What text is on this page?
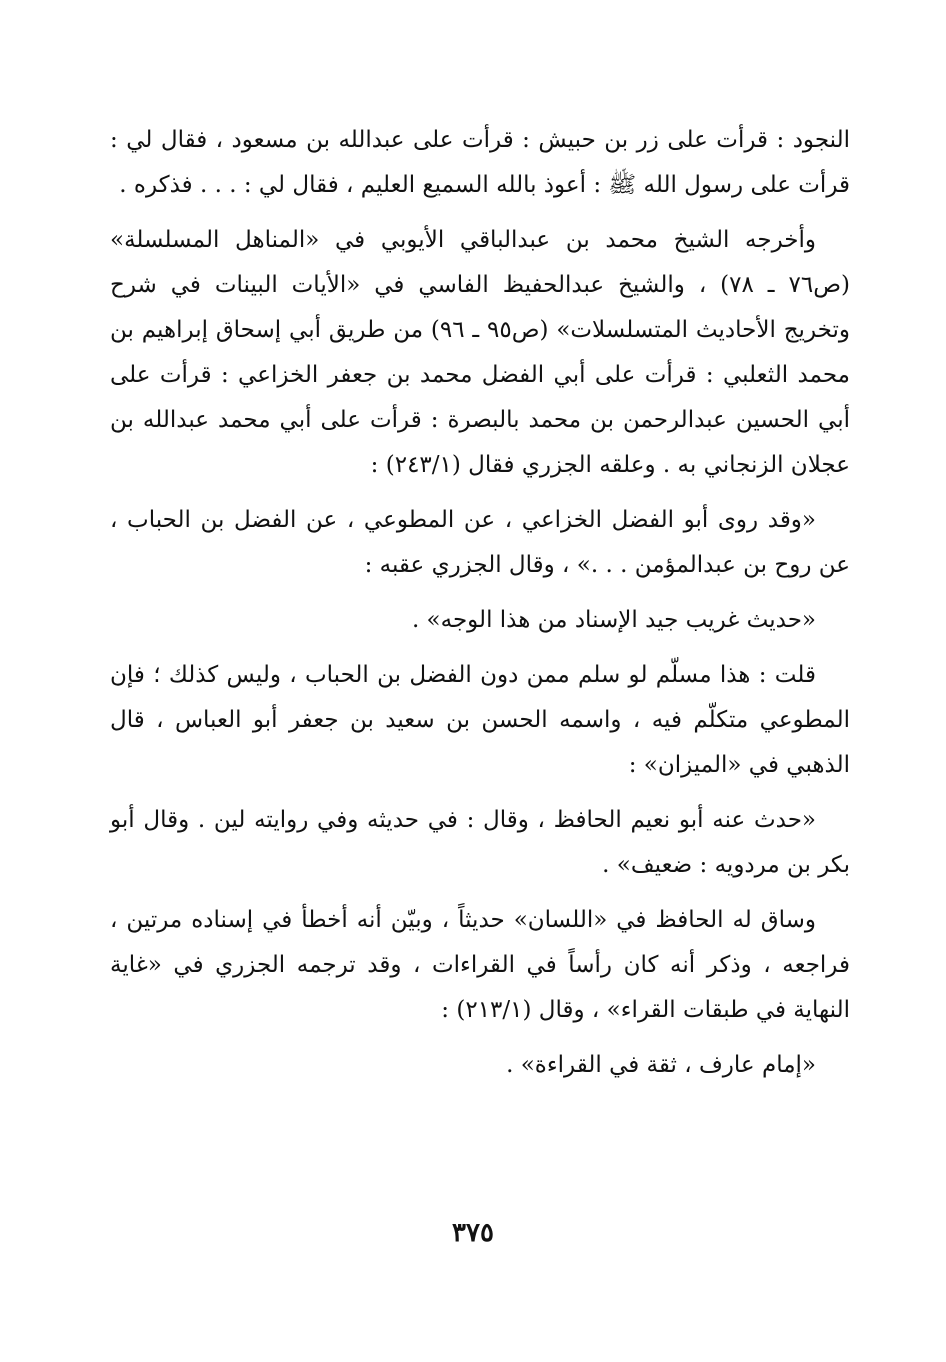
النجود : قرأت على زر بن حبيش : قرأت على عبدالله بن مسعود ، فقال لي : قرأت على رسول الله ﷺ : أعوذ بالله السميع العليم ، فقال لي : . . . فذكره .

وأخرجه الشيخ محمد بن عبدالباقي الأيوبي في «المناهل المسلسلة» (ص٧٦ ـ ٧٨) ، والشيخ عبدالحفيظ الفاسي في «الأيات البينات في شرح وتخريج الأحاديث المتسلسلات» (ص٩٥ ـ ٩٦) من طريق أبي إسحاق إبراهيم بن محمد الثعلبي : قرأت على أبي الفضل محمد بن جعفر الخزاعي : قرأت على أبي الحسين عبدالرحمن بن محمد بالبصرة : قرأت على أبي محمد عبدالله بن عجلان الزنجاني به . وعلقه الجزري فقال (٢٤٣/١) :

«وقد روى أبو الفضل الخزاعي ، عن المطوعي ، عن الفضل بن الحباب ، عن روح بن عبدالمؤمن . . .» ، وقال الجزري عقبه :

«حديث غريب جيد الإسناد من هذا الوجه» .

قلت : هذا مسلّم لو سلم ممن دون الفضل بن الحباب ، وليس كذلك ؛ فإن المطوعي متكلّم فيه ، واسمه الحسن بن سعيد بن جعفر أبو العباس ، قال الذهبي في «الميزان» :

«حدث عنه أبو نعيم الحافظ ، وقال : في حديثه وفي روايته لين . وقال أبو بكر بن مردويه : ضعيف» .

وساق له الحافظ في «اللسان» حديثاً ، وبيّن أنه أخطأ في إسناده مرتين ، فراجعه ، وذكر أنه كان رأساً في القراءات ، وقد ترجمه الجزري في «غاية النهاية في طبقات القراء» ، وقال (٢١٣/١) :

«إمام عارف ، ثقة في القراءة» .

٣٧٥
